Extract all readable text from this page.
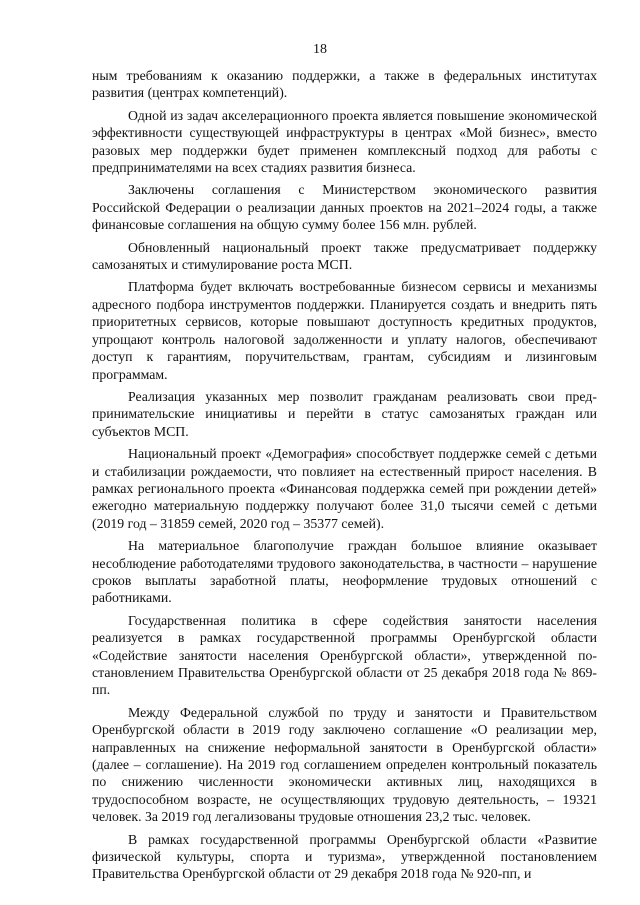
18

ным требованиям к оказанию поддержки, а также в федеральных институтах развития (центрах компетенций).

Одной из задач акселерационного проекта является повышение экономической эффективности существующей инфраструктуры в центрах «Мой бизнес», вместо разовых мер поддержки будет применен комплексный подход для работы с предпринимателями на всех стадиях развития бизнеса.

Заключены соглашения с Министерством экономического развития Российской Федерации о реализации данных проектов на 2021–2024 годы, а также финансовые соглашения на общую сумму более 156 млн. рублей.

Обновленный национальный проект также предусматривает поддержку самозанятых и стимулирование роста МСП.

Платформа будет включать востребованные бизнесом сервисы и механизмы адресного подбора инструментов поддержки. Планируется создать и внедрить пять приоритетных сервисов, которые повышают доступность кредитных продуктов, упрощают контроль налоговой задолженности и уплату налогов, обеспечивают доступ к гарантиям, поручительствам, грантам, субсидиям и лизинговым программам.

Реализация указанных мер позволит гражданам реализовать свои предпринимательские инициативы и перейти в статус самозанятых граждан или субъектов МСП.

Национальный проект «Демография» способствует поддержке семей с детьми и стабилизации рождаемости, что повлияет на естественный прирост населения. В рамках регионального проекта «Финансовая поддержка семей при рождении детей» ежегодно материальную поддержку получают более 31,0 тысячи семей с детьми (2019 год – 31859 семей, 2020 год – 35377 семей).

На материальное благополучие граждан большое влияние оказывает несоблюдение работодателями трудового законодательства, в частности – нарушение сроков выплаты заработной платы, неоформление трудовых отношений с работниками.

Государственная политика в сфере содействия занятости населения реализуется в рамках государственной программы Оренбургской области «Содействие занятости населения Оренбургской области», утвержденной постановлением Правительства Оренбургской области от 25 декабря 2018 года № 869-пп.

Между Федеральной службой по труду и занятости и Правительством Оренбургской области в 2019 году заключено соглашение «О реализации мер, направленных на снижение неформальной занятости в Оренбургской области» (далее – соглашение). На 2019 год соглашением определен контрольный показатель по снижению численности экономически активных лиц, находящихся в трудоспособном возрасте, не осуществляющих трудовую деятельность, – 19321 человек. За 2019 год легализованы трудовые отношения 23,2 тыс. человек.

В рамках государственной программы Оренбургской области «Развитие физической культуры, спорта и туризма», утвержденной постановлением Правительства Оренбургской области от 29 декабря 2018 года № 920-пп, и
